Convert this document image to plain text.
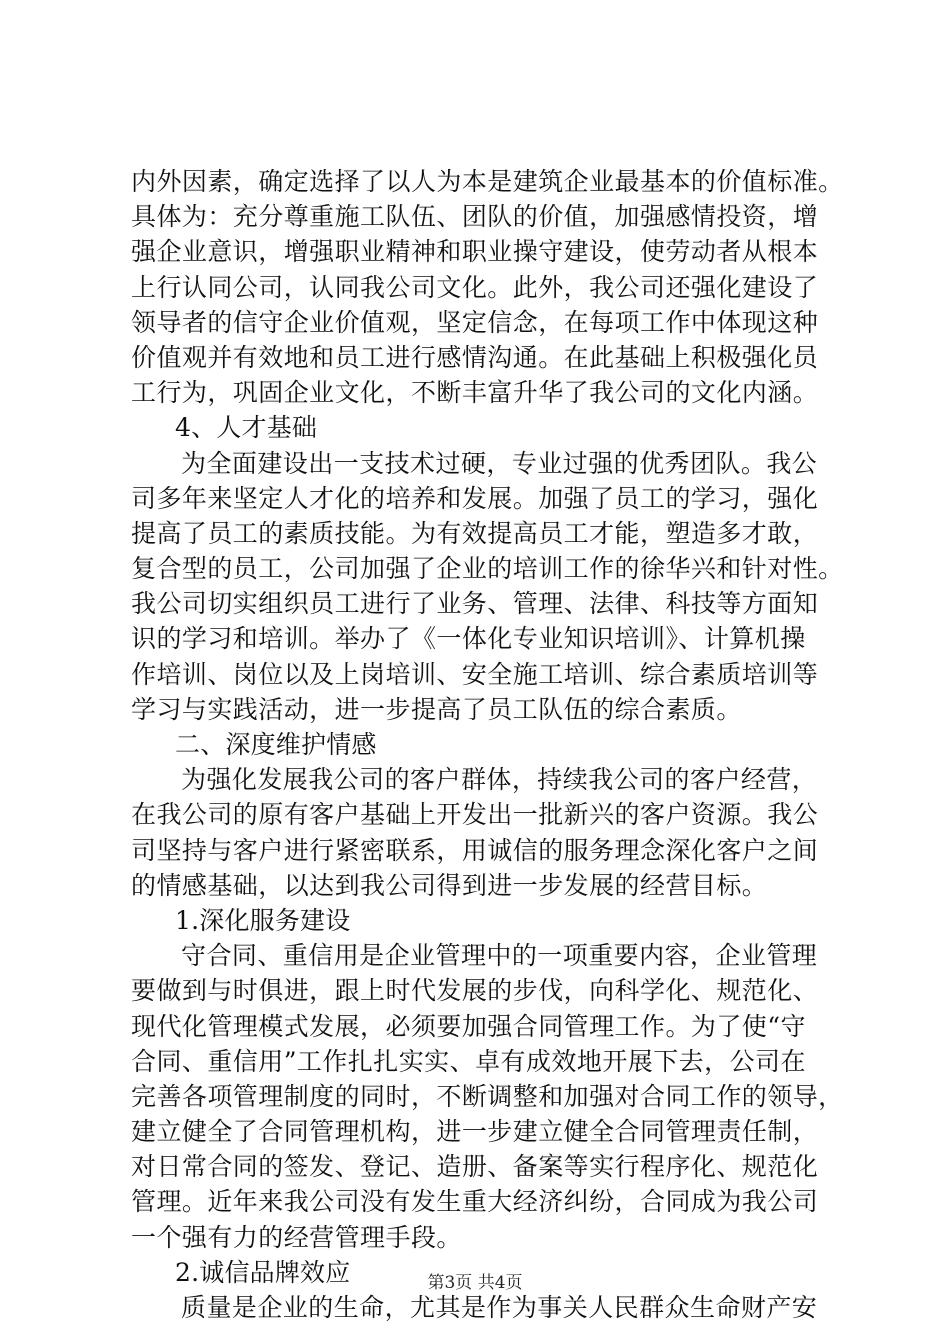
内外因素，确定选择了以人为本是建筑企业最基本的价值标准。
具体为：充分尊重施工队伍、团队的价值，加强感情投资，增
强企业意识，增强职业精神和职业操守建设，使劳动者从根本
上行认同公司，认同我公司文化。此外，我公司还强化建设了
领导者的信守企业价值观，坚定信念，在每项工作中体现这种
价值观并有效地和员工进行感情沟通。在此基础上积极强化员
工行为，巩固企业文化，不断丰富升华了我公司的文化内涵。
4、人才基础
为全面建设出一支技术过硬，专业过强的优秀团队。我公
司多年来坚定人才化的培养和发展。加强了员工的学习，强化
提高了员工的素质技能。为有效提高员工才能，塑造多才敢，
复合型的员工，公司加强了企业的培训工作的徐华兴和针对性。
我公司切实组织员工进行了业务、管理、法律、科技等方面知
识的学习和培训。举办了《一体化专业知识培训》、计算机操
作培训、岗位以及上岗培训、安全施工培训、综合素质培训等
学习与实践活动，进一步提高了员工队伍的综合素质。
二、深度维护情感
为强化发展我公司的客户群体，持续我公司的客户经营，
在我公司的原有客户基础上开发出一批新兴的客户资源。我公
司坚持与客户进行紧密联系，用诚信的服务理念深化客户之间
的情感基础，以达到我公司得到进一步发展的经营目标。
1.深化服务建设
守合同、重信用是企业管理中的一项重要内容，企业管理
要做到与时俱进，跟上时代发展的步伐，向科学化、规范化、
现代化管理模式发展，必须要加强合同管理工作。为了使“守
合同、重信用”工作扎扎实实、卓有成效地开展下去，公司在
完善各项管理制度的同时，不断调整和加强对合同工作的领导，
建立健全了合同管理机构，进一步建立健全合同管理责任制，
对日常合同的签发、登记、造册、备案等实行程序化、规范化
管理。近年来我公司没有发生重大经济纠纷，合同成为我公司
一个强有力的经营管理手段。
2.诚信品牌效应
质量是企业的生命，尤其是作为事关人民群众生命财产安
第3页 共4页
